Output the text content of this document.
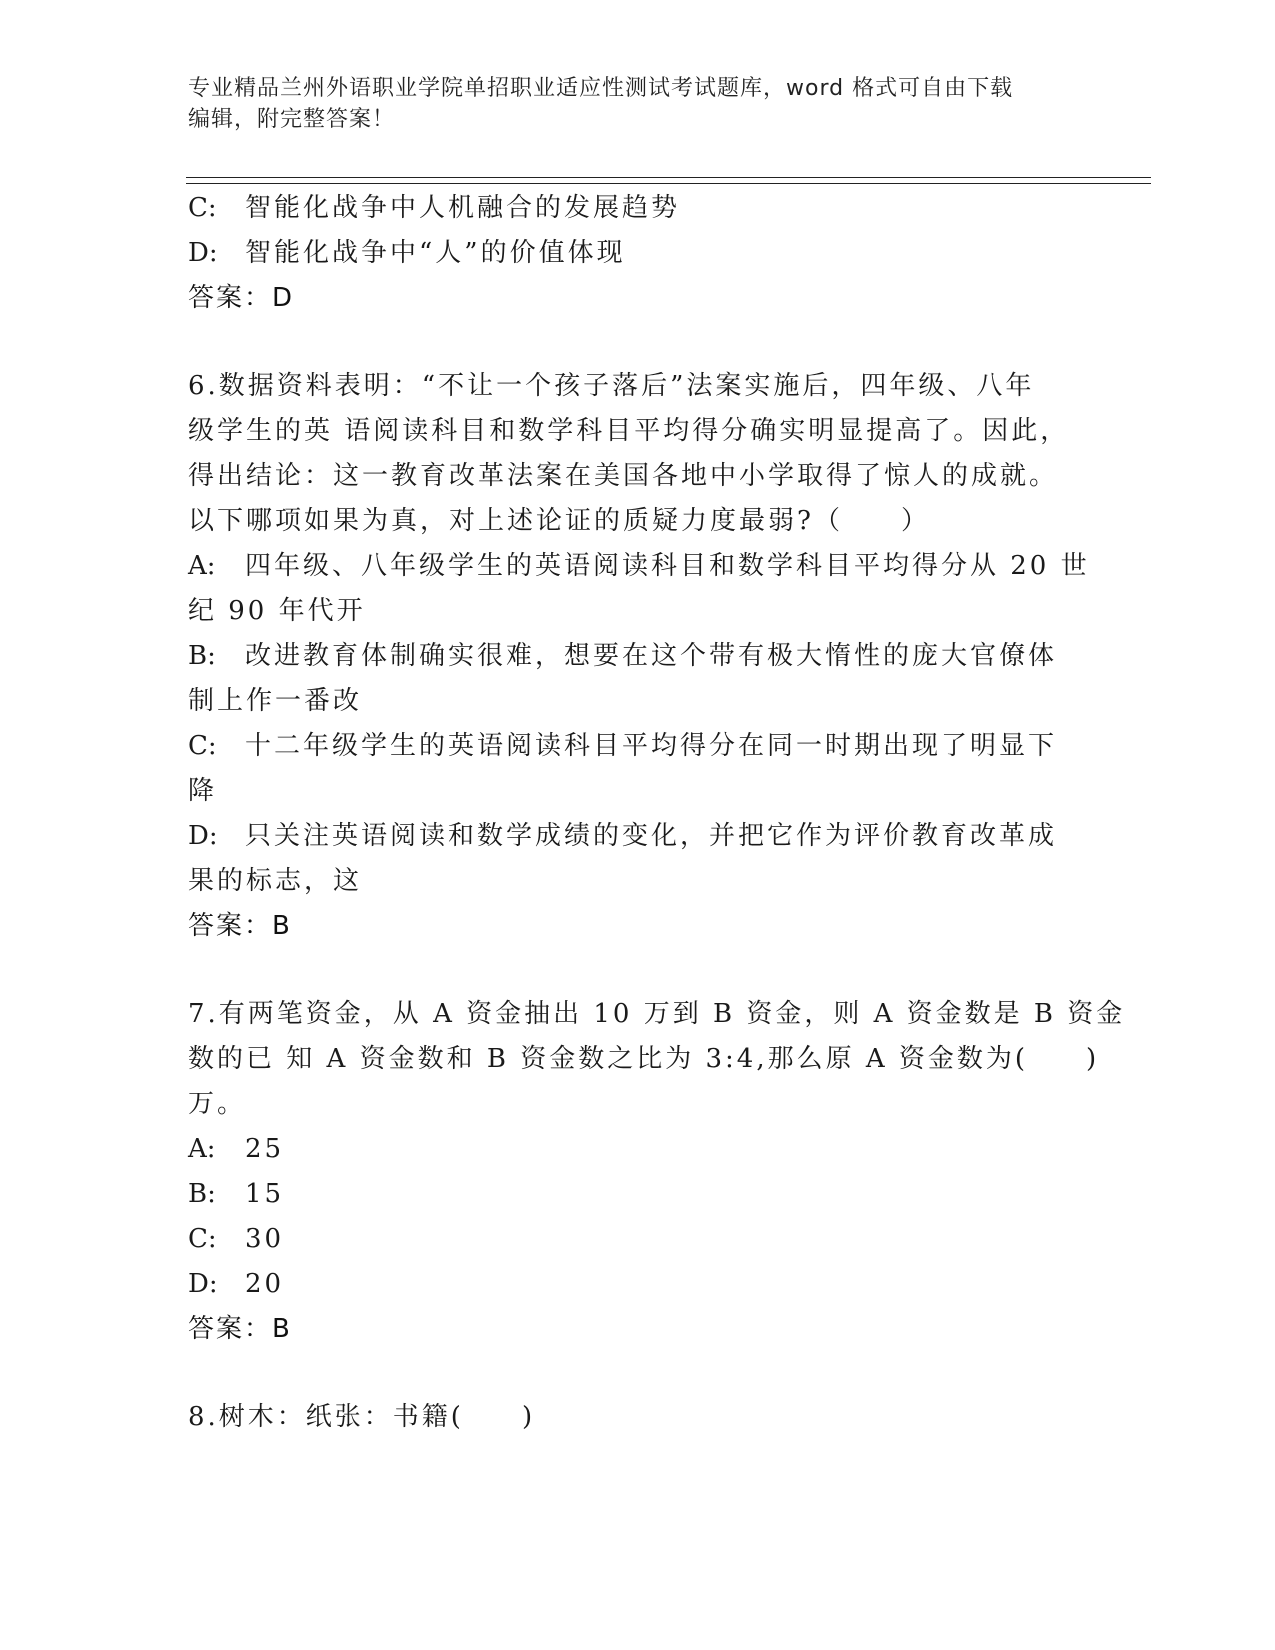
专业精品兰州外语职业学院单招职业适应性测试考试题库，word 格式可自由下载
编辑，附完整答案！
C: 智能化战争中人机融合的发展趋势
D: 智能化战争中“人”的价值体现
答案：D
6.数据资料表明：“不让一个孩子落后”法案实施后，四年级、八年
级学生的英 语阅读科目和数学科目平均得分确实明显提高了。因此，
得出结论：这一教育改革法案在美国各地中小学取得了惊人的成就。
以下哪项如果为真，对上述论证的质疑力度最弱?（　　）
A: 四年级、八年级学生的英语阅读科目和数学科目平均得分从 20 世
纪 90 年代开
B: 改进教育体制确实很难，想要在这个带有极大惰性的庞大官僚体
制上作一番改
C: 十二年级学生的英语阅读科目平均得分在同一时期出现了明显下
降
D: 只关注英语阅读和数学成绩的变化，并把它作为评价教育改革成
果的标志，这
答案：B
7.有两笔资金，从 A 资金抽出 10 万到 B 资金，则 A 资金数是 B 资金
数的已 知 A 资金数和 B 资金数之比为 3:4,那么原 A 资金数为(　　)
万。
A: 25
B: 15
C: 30
D: 20
答案：B
8.树木：纸张：书籍(　　)
